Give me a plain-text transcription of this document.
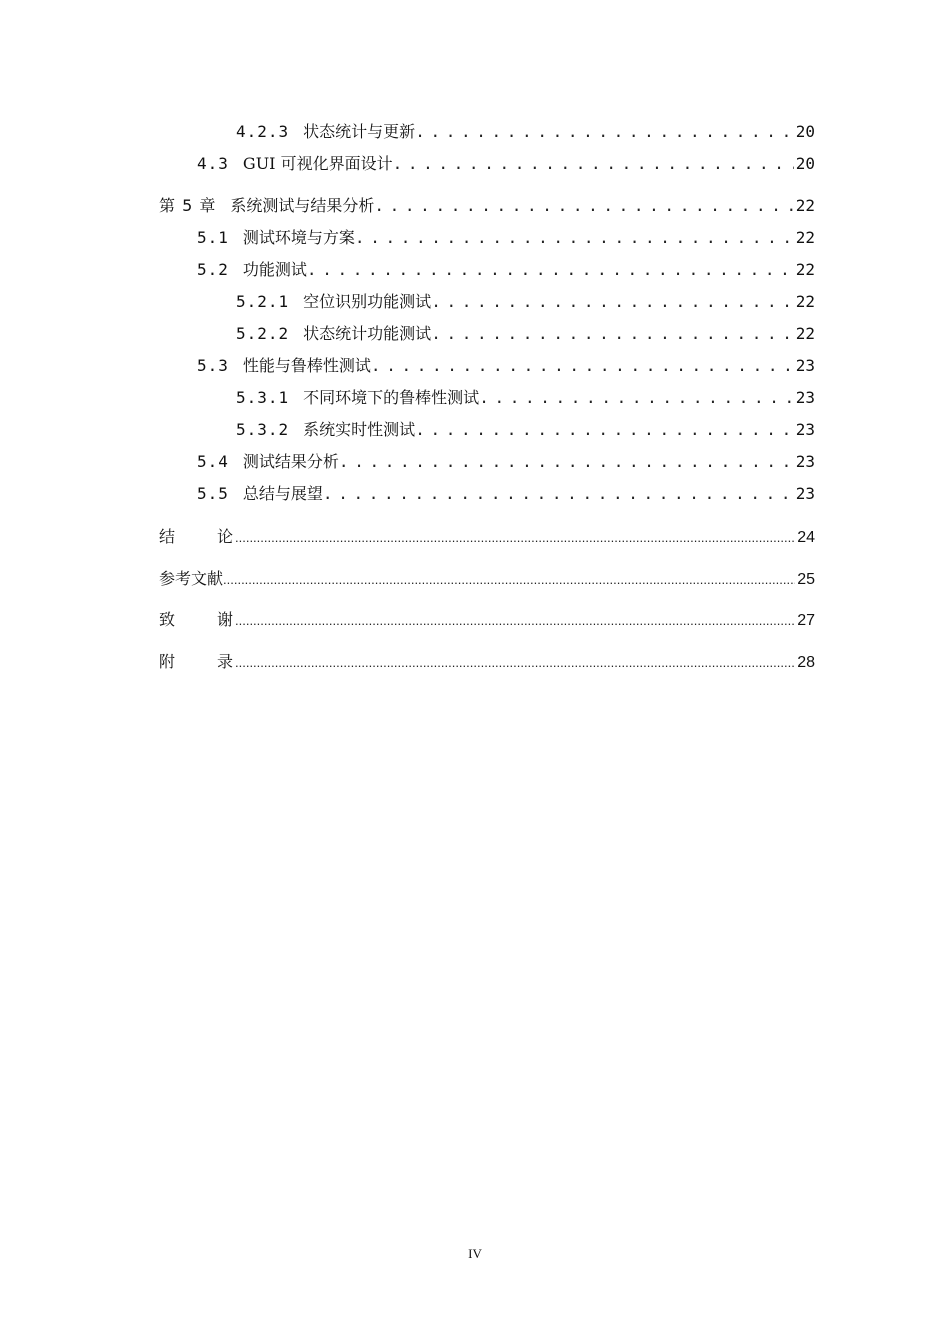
4.2.3 状态统计与更新 . . .	20
4.3 GUI 可视化界面设计 . . .	20
第 5 章 系统测试与结果分析 . . .	22
5.1 测试环境与方案 . . .	22
5.2 功能测试 . . .	22
5.2.1 空位识别功能测试 . . .	22
5.2.2 状态统计功能测试 . . .	22
5.3 性能与鲁棒性测试 . . .	23
5.3.1 不同环境下的鲁棒性测试 . . .	23
5.3.2 系统实时性测试 . . .	23
5.4 测试结果分析 . . .	23
5.5 总结与展望 . . .	23
结论 .....	24
参考文献 .....	25
致谢 .....	27
附录 .....	28
IV
